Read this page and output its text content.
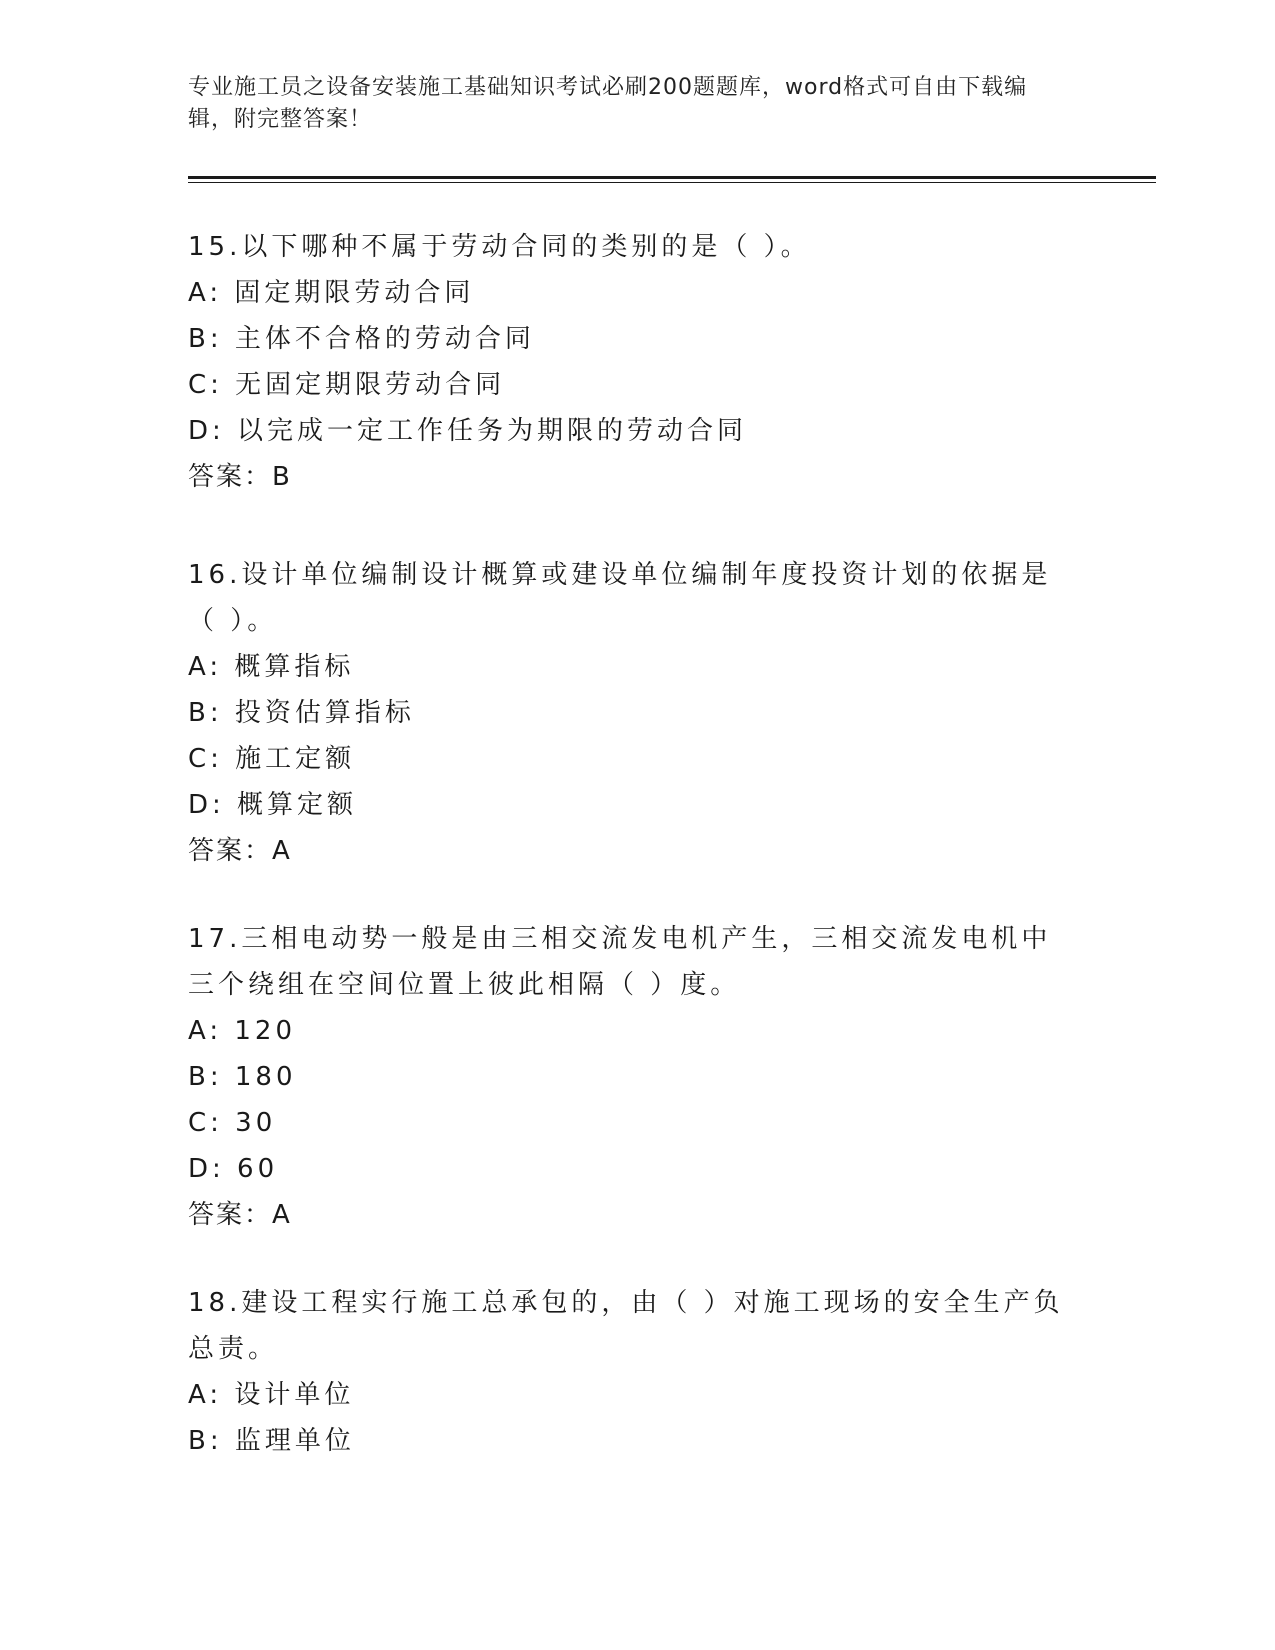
专业施工员之设备安装施工基础知识考试必刷200题题库，word格式可自由下载编辑，附完整答案！

15.以下哪种不属于劳动合同的类别的是（ ）。

A: 固定期限劳动合同

B: 主体不合格的劳动合同

C: 无固定期限劳动合同

D: 以完成一定工作任务为期限的劳动合同

答案：B

16.设计单位编制设计概算或建设单位编制年度投资计划的依据是（ ）。

A: 概算指标

B: 投资估算指标

C: 施工定额

D: 概算定额

答案：A

17.三相电动势一般是由三相交流发电机产生，三相交流发电机中三个绕组在空间位置上彼此相隔（ ）度。

A: 120

B: 180

C: 30

D: 60

答案：A

18.建设工程实行施工总承包的，由（ ）对施工现场的安全生产负总责。

A: 设计单位

B: 监理单位
